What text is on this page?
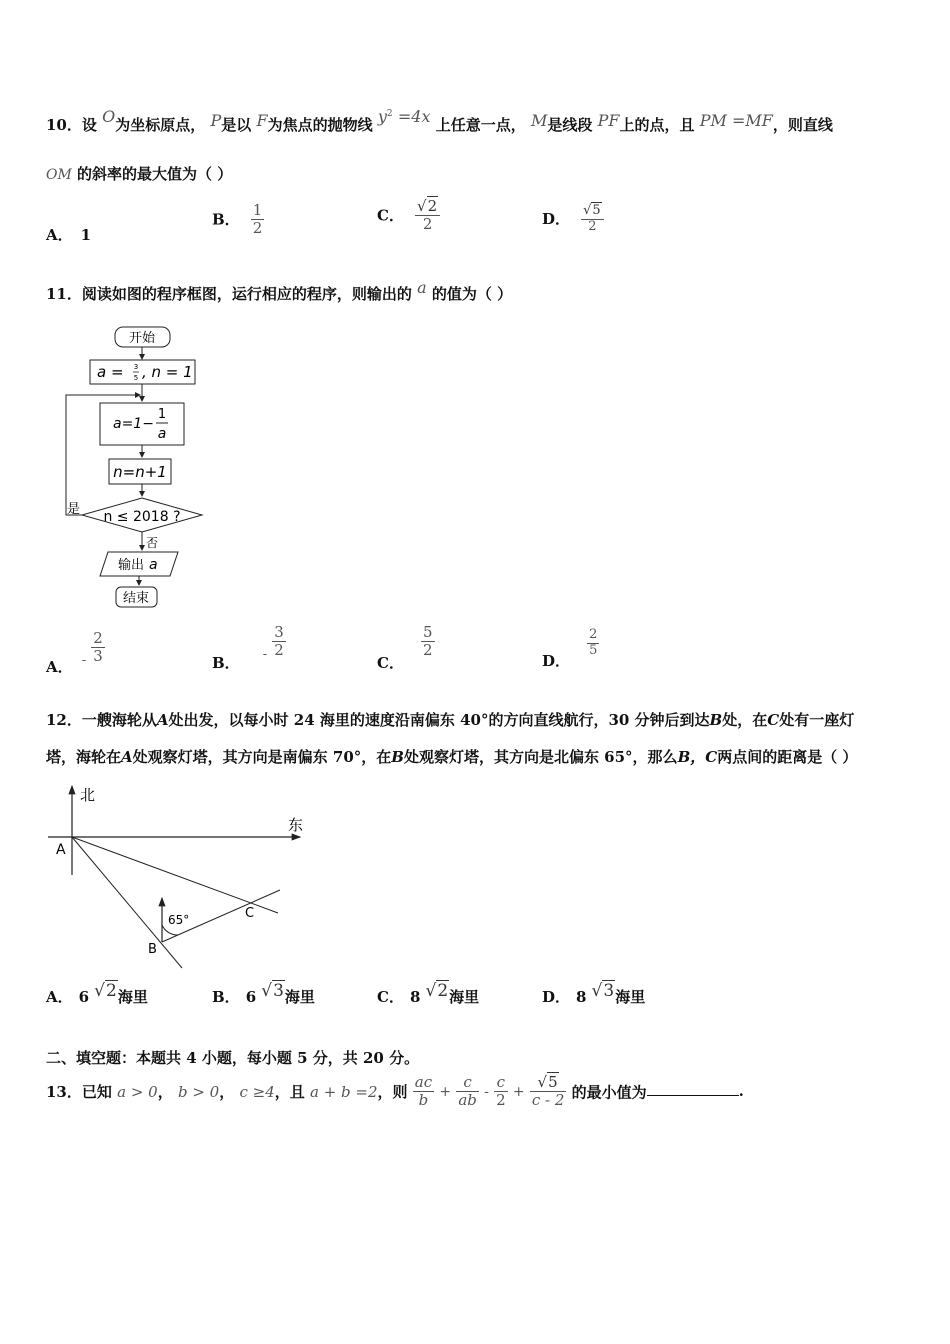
10．设 O为坐标原点， P是以 F为焦点的抛物线 $y^2 =4x$ 上任意一点， M是线段 PF上的点，且 PM =MF，则直线
OM 的斜率的最大值为（ ）
A． 1
B． $\frac{1}{2}$	C． $\frac{√2}{2}$	D． $\frac{√5}{2}$
11．阅读如图的程序框图，运行相应的程序，则输出的 a 的值为（ ）
开始
a = 3
5 , n = 1
a=1−
1
a
n=n+1
n ≤ 2018 ?
是
否
输出 a
结束
A． $_- \frac{2}{3}$	B． $_- \frac{3}{2}$
C．
$\frac{5}{2}$
D．
$\frac{2}{5}$
12．一艘海轮从A处出发，以每小时 24 海里的速度沿南偏东 40°的方向直线航行，30 分钟后到达B处，在C处有一座灯
塔，海轮在A处观察灯塔，其方向是南偏东 70°，在B处观察灯塔，其方向是北偏东 65°，那么B，C两点间的距离是（ ）
北
东
A
65°
B
C
A． 6 √2海里	B． 6 √3海里	C． 8 √2海里	D． 8 √3海里
二、填空题：本题共 4 小题，每小题 5 分，共 20 分。
13．已知 a > 0， b > 0， c ≥4，且 a + b =2，则 $\frac{ac}{b} + \frac{c}{ab} - \frac{c}{2} + \frac{√5}{c - 2}$ 的最小值为	.
